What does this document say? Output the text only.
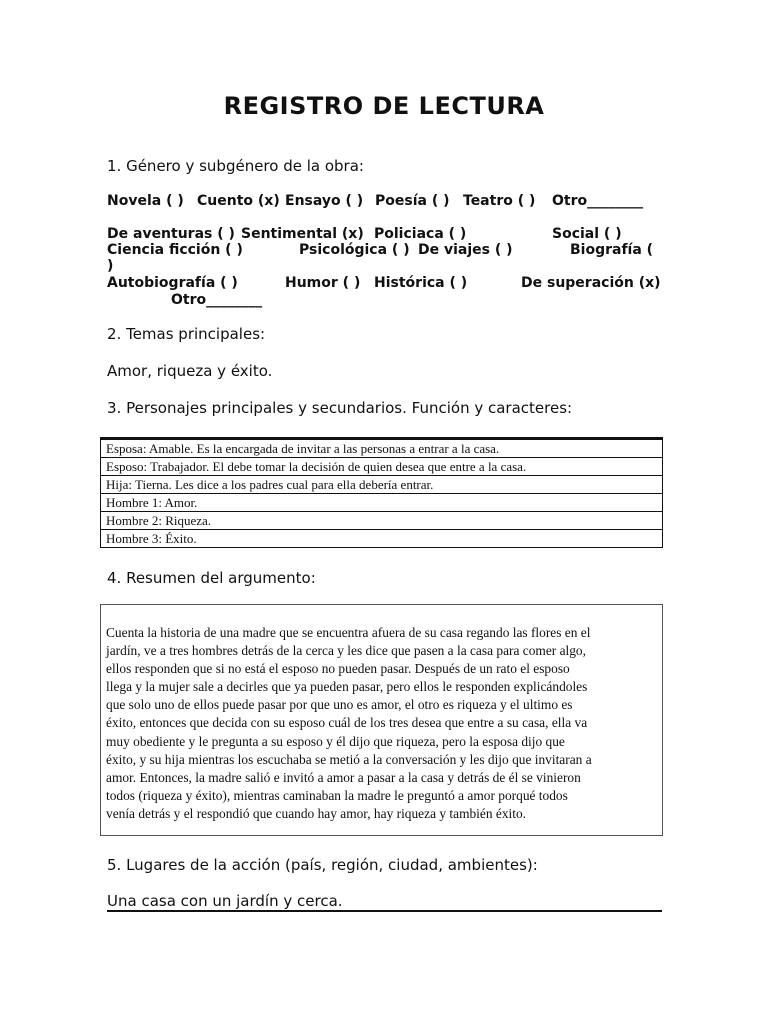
REGISTRO DE LECTURA
1. Género y subgénero de la obra:
Novela ( ) Cuento (x) Ensayo ( ) Poesía ( ) Teatro ( ) Otro________
De aventuras ( ) Sentimental (x) Policiaca ( )	Social ( )
Ciencia ficción ( )	Psicológica ( ) De viajes ( )	Biografía (
)
Autobiografía ( )	Humor ( ) Histórica ( )	De superación (x)
Otro________
2. Temas principales:
Amor, riqueza y éxito.
3. Personajes principales y secundarios. Función y caracteres:
Esposa: Amable. Es la encargada de invitar a las personas a entrar a la casa.
Esposo: Trabajador. El debe tomar la decisión de quien desea que entre a la casa.
Hija: Tierna. Les dice a los padres cual para ella debería entrar.
Hombre 1: Amor.
Hombre 2: Riqueza.
Hombre 3: Éxito.
4. Resumen del argumento:
Cuenta la historia de una madre que se encuentra afuera de su casa regando las flores en el
jardín, ve a tres hombres detrás de la cerca y les dice que pasen a la casa para comer algo,
ellos responden que si no está el esposo no pueden pasar. Después de un rato el esposo
llega y la mujer sale a decirles que ya pueden pasar, pero ellos le responden explicándoles
que solo uno de ellos puede pasar por que uno es amor, el otro es riqueza y el ultimo es
éxito, entonces que decida con su esposo cuál de los tres desea que entre a su casa, ella va
muy obediente y le pregunta a su esposo y él dijo que riqueza, pero la esposa dijo que
éxito, y su hija mientras los escuchaba se metió a la conversación y les dijo que invitaran a
amor. Entonces, la madre salió e invitó a amor a pasar a la casa y detrás de él se vinieron
todos (riqueza y éxito), mientras caminaban la madre le preguntó a amor porqué todos
venía detrás y el respondió que cuando hay amor, hay riqueza y también éxito.
5. Lugares de la acción (país, región, ciudad, ambientes):
Una casa con un jardín y cerca.
